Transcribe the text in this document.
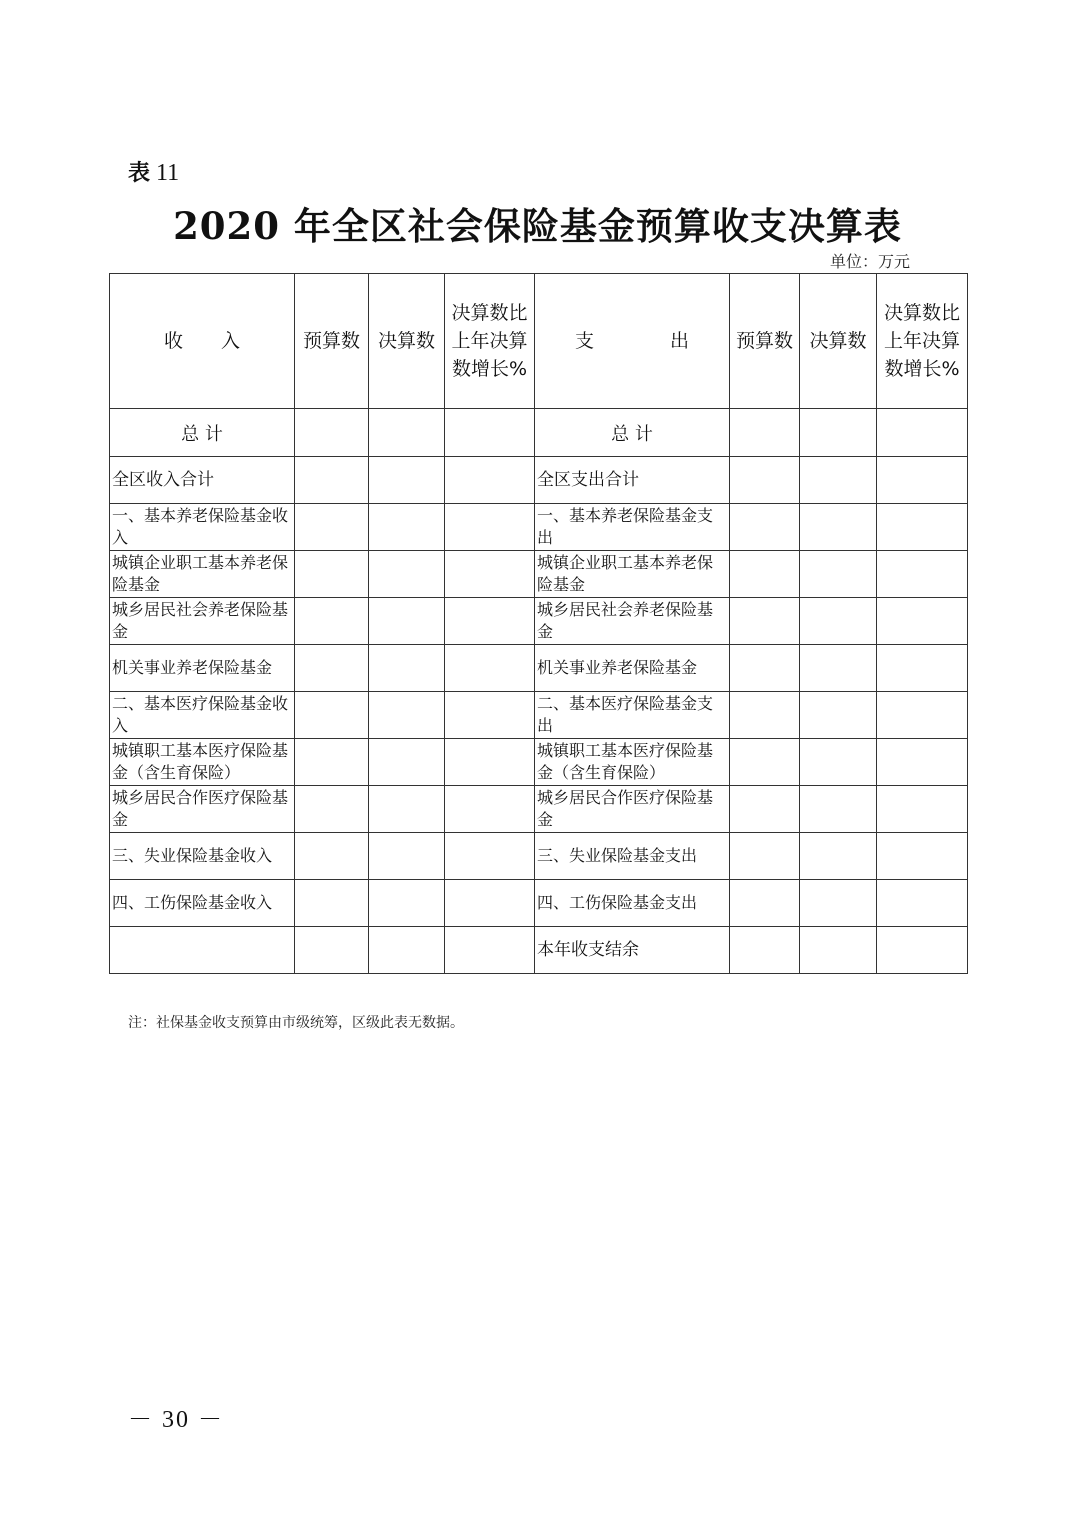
表 11
2020 年全区社会保险基金预算收支决算表
单位：万元
收　　入	预算数	决算数	决算数比上年决算数增长%	支　　　　出	预算数	决算数	决算数比上年决算数增长%
总 计				总 计			
全区收入合计				全区支出合计			
一、基本养老保险基金收入				一、基本养老保险基金支出			
城镇企业职工基本养老保险基金				城镇企业职工基本养老保险基金			
城乡居民社会养老保险基金				城乡居民社会养老保险基金			
机关事业养老保险基金				机关事业养老保险基金			
二、基本医疗保险基金收入				二、基本医疗保险基金支出			
城镇职工基本医疗保险基金（含生育保险）				城镇职工基本医疗保险基金（含生育保险）			
城乡居民合作医疗保险基金				城乡居民合作医疗保险基金			
三、失业保险基金收入				三、失业保险基金支出			
四、工伤保险基金收入				四、工伤保险基金支出			
				本年收支结余			
注：社保基金收支预算由市级统筹，区级此表无数据。
－ 30 －
